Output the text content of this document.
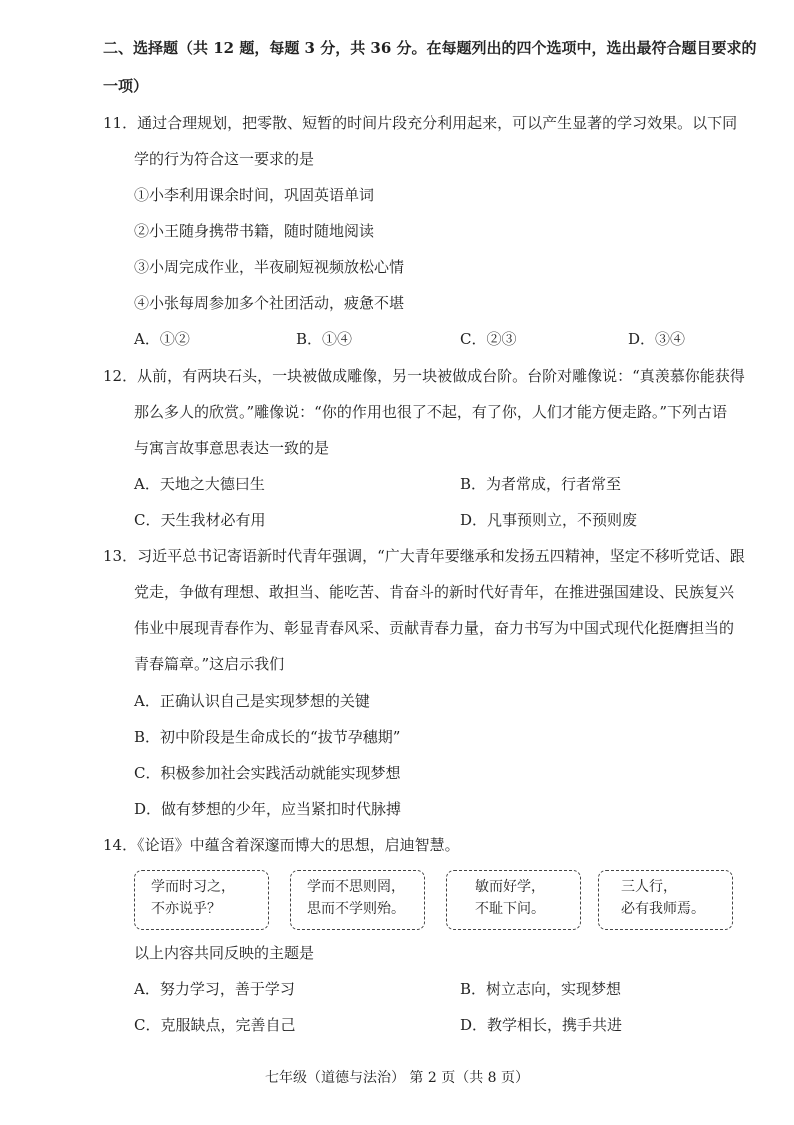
二、选择题（共 12 题，每题 3 分，共 36 分。在每题列出的四个选项中，选出最符合题目要求的
一项）
11．通过合理规划，把零散、短暂的时间片段充分利用起来，可以产生显著的学习效果。以下同
学的行为符合这一要求的是
①小李利用课余时间，巩固英语单词
②小王随身携带书籍，随时随地阅读
③小周完成作业，半夜刷短视频放松心情
④小张每周参加多个社团活动，疲惫不堪
A．①②	B．①④	C．②③	D．③④
12．从前，有两块石头，一块被做成雕像，另一块被做成台阶。台阶对雕像说：“真羡慕你能获得
那么多人的欣赏。”雕像说：“你的作用也很了不起，有了你，人们才能方便走路。”下列古语
与寓言故事意思表达一致的是
A．天地之大德曰生	B．为者常成，行者常至
C．天生我材必有用	D．凡事预则立，不预则废
13．习近平总书记寄语新时代青年强调，“广大青年要继承和发扬五四精神，坚定不移听党话、跟
党走，争做有理想、敢担当、能吃苦、肯奋斗的新时代好青年，在推进强国建设、民族复兴
伟业中展现青春作为、彰显青春风采、贡献青春力量，奋力书写为中国式现代化挺膺担当的
青春篇章。”这启示我们
A．正确认识自己是实现梦想的关键
B．初中阶段是生命成长的“拔节孕穗期”
C．积极参加社会实践活动就能实现梦想
D．做有梦想的少年，应当紧扣时代脉搏
14．《论语》中蕴含着深邃而博大的思想，启迪智慧。
学而时习之，
不亦说乎？
学而不思则罔，
思而不学则殆。
敏而好学，
不耻下问。
三人行，
必有我师焉。
以上内容共同反映的主题是
A．努力学习，善于学习	B．树立志向，实现梦想
C．克服缺点，完善自己	D．教学相长，携手共进
七年级（道德与法治） 第 2 页（共 8 页）
